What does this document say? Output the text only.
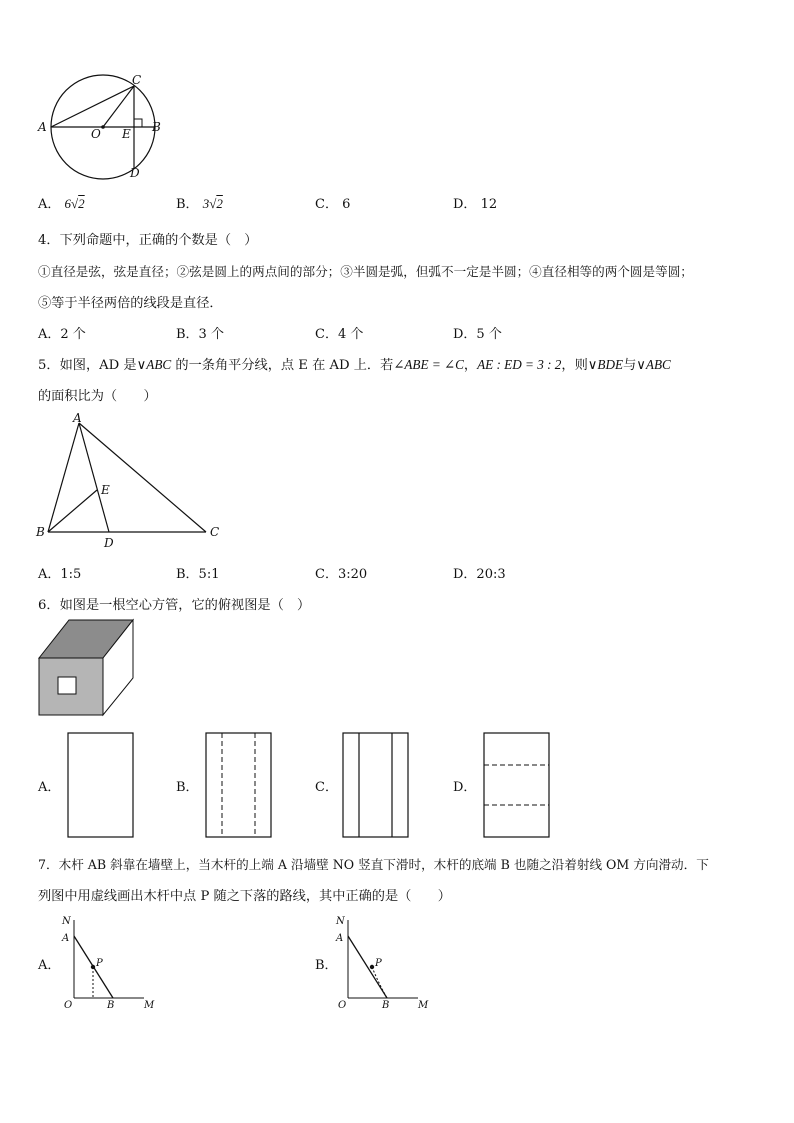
A	B
C
D
O E
A． 6√2	B． 3√2	C． 6	D． 12
4．下列命题中，正确的个数是（　）
①直径是弦，弦是直径；②弦是圆上的两点间的部分；③半圆是弧，但弧不一定是半圆；④直径相等的两个圆是等圆；
⑤等于半径两倍的线段是直径．
A．2 个	B．3 个	C．4 个	D．5 个
5．如图，AD 是∨ABC 的一条角平分线，点 E 在 AD 上．若∠ABE = ∠C，AE : ED = 3 : 2，则∨BDE与∨ABC
的面积比为（　　）
A
B	C
D
E
A．1:5	B．5:1	C．3:20	D．20:3
6．如图是一根空心方管，它的俯视图是（　）
A．	B．	C．	D．
7．木杆 AB 斜靠在墙壁上，当木杆的上端 A 沿墙壁 NO 竖直下滑时，木杆的底端 B 也随之沿着射线 OM 方向滑动．下
列图中用虚线画出木杆中点 P 随之下落的路线，其中正确的是（　　）
A．
N
A
P
O	B	M
B．
N
A
P
O	B	M
